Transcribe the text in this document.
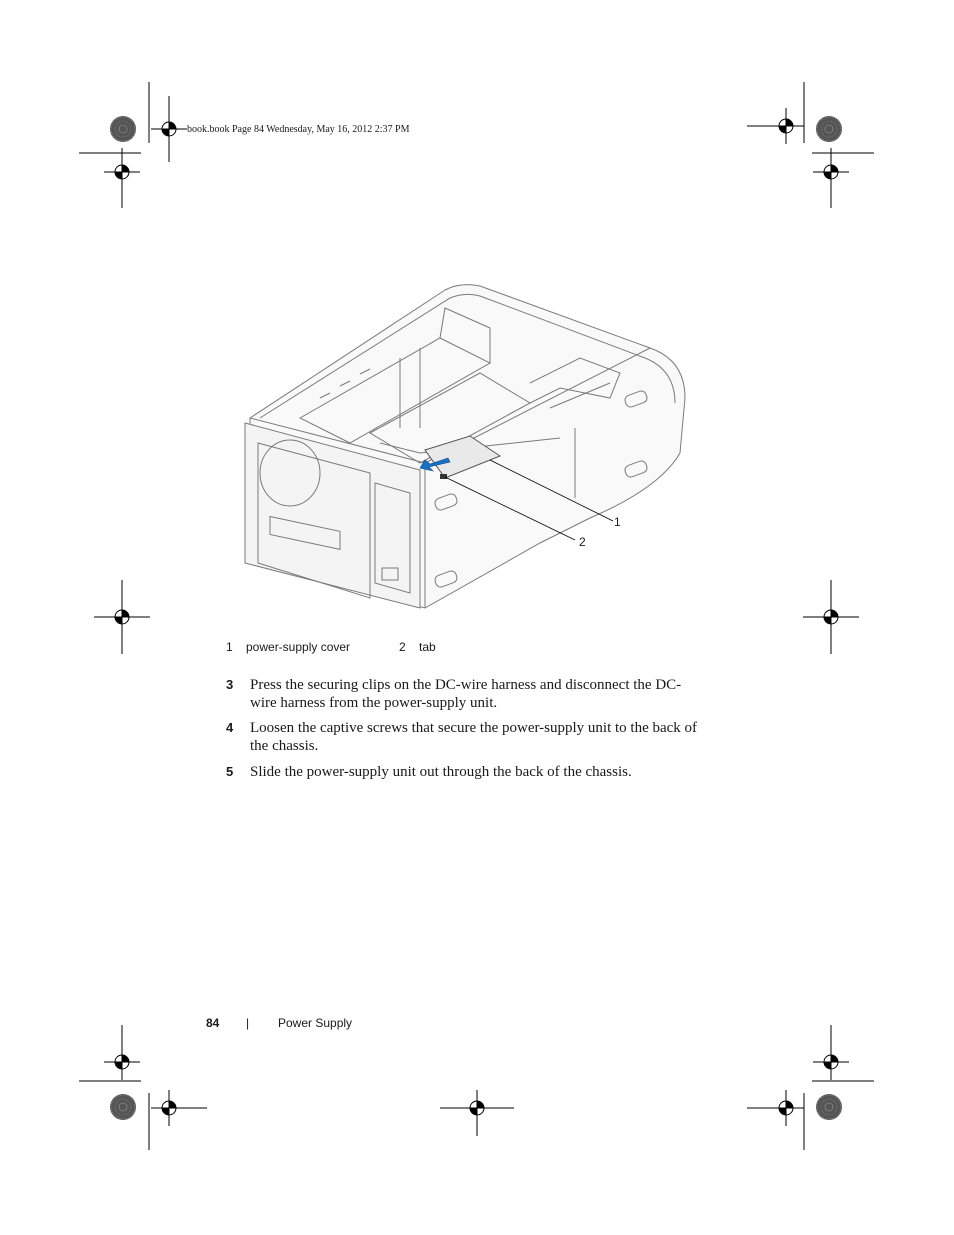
book.book Page 84 Wednesday, May 16, 2012 2:37 PM
1
2
1 power-supply cover	2 tab
3 Press the securing clips on the DC-wire harness and disconnect the DC-
wire harness from the power-supply unit.
4 Loosen the captive screws that secure the power-supply unit to the back of
the chassis.
5 Slide the power-supply unit out through the back of the chassis.
84 | Power Supply
